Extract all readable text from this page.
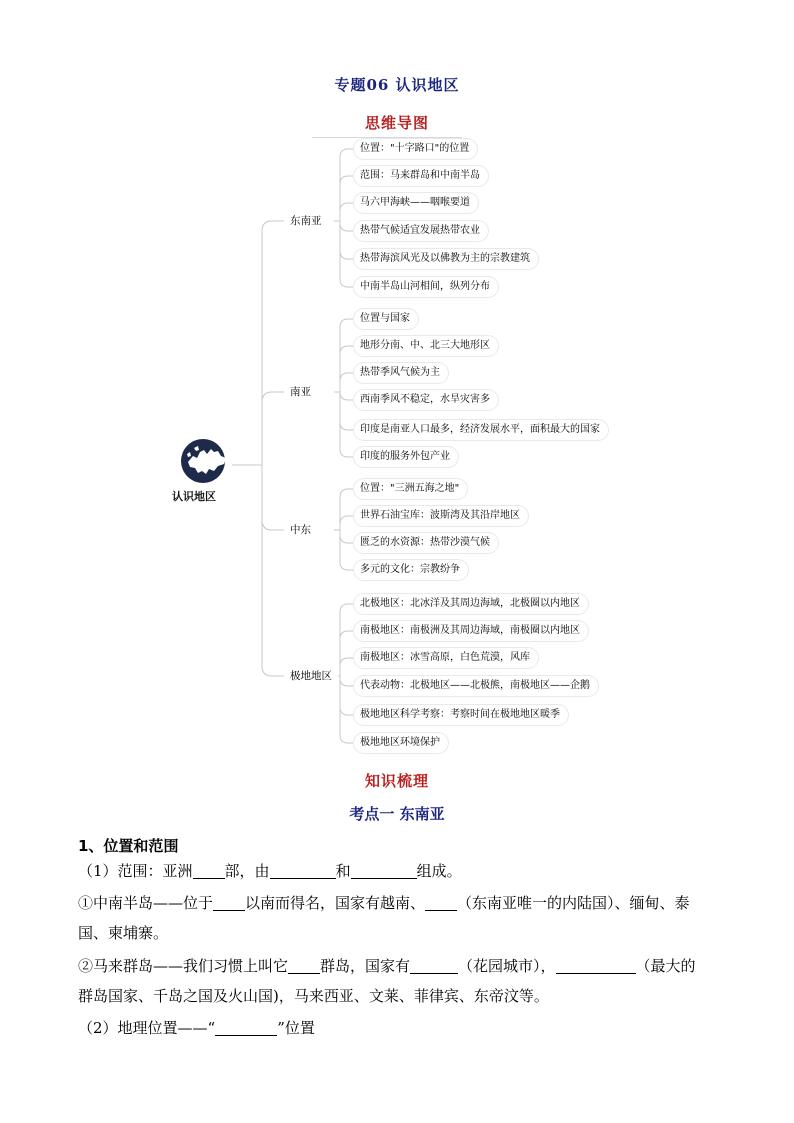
专题06 认识地区
思维导图
认识地区
东南亚
位置："十字路口"的位置
范围：马来群岛和中南半岛
马六甲海峡——咽喉要道
热带气候适宜发展热带农业
热带海滨风光及以佛教为主的宗教建筑
中南半岛山河相间，纵列分布
南亚
位置与国家
地形分南、中、北三大地形区
热带季风气候为主
西南季风不稳定，水旱灾害多
印度是南亚人口最多，经济发展水平，面积最大的国家
印度的服务外包产业
中东
位置："三洲五海之地"
世界石油宝库：波斯湾及其沿岸地区
匮乏的水资源：热带沙漠气候
多元的文化：宗教纷争
极地地区
北极地区：北冰洋及其周边海域，北极圈以内地区
南极地区：南极洲及其周边海域，南极圈以内地区
南极地区：冰雪高原，白色荒漠，风库
代表动物：北极地区——北极熊，南极地区——企鹅
极地地区科学考察：考察时间在极地地区暖季
极地地区环境保护
知识梳理
考点一 东南亚
1、位置和范围
（1）范围：亚洲 部，由	和	组成。
①中南半岛——位于 以南而得名，国家有越南、 （东南亚唯一的内陆国）、缅甸、泰
国、柬埔寨。
②马来群岛——我们习惯上叫它 群岛，国家有	（花园城市），	（最大的
群岛国家、千岛之国及火山国)，马来西亚、文莱、菲律宾、东帝汶等。
（2）地理位置——“	”位置
